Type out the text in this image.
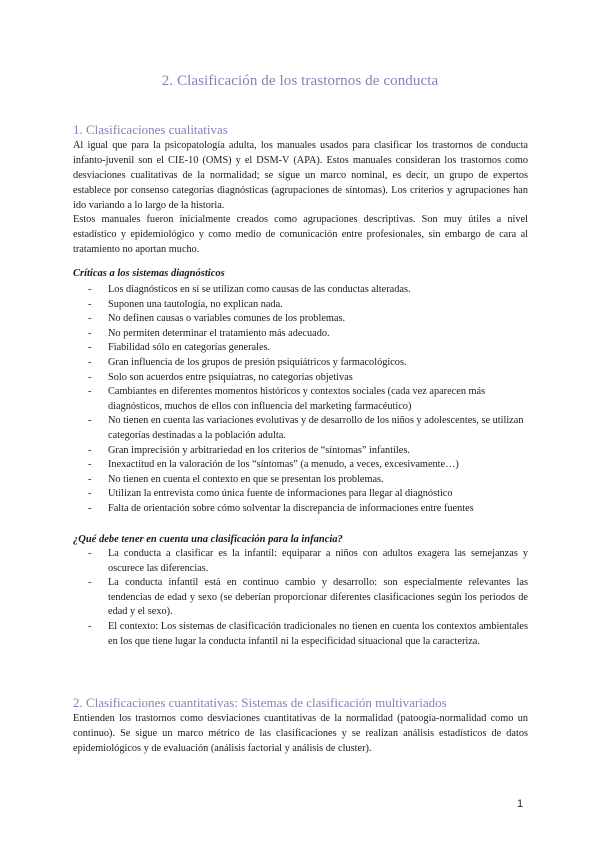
2. Clasificación de los trastornos de conducta
1. Clasificaciones cualitativas

Al igual que para la psicopatología adulta, los manuales usados para clasificar los trastornos de conducta infanto-juvenil son el CIE-10 (OMS) y el DSM-V (APA). Estos manuales consideran los trastornos como desviaciones cualitativas de la normalidad; se sigue un marco nominal, es decir, un grupo de expertos establece por consenso categorías diagnósticas (agrupaciones de síntomas). Los criterios y agrupaciones han ido variando a lo largo de la historia.

Estos manuales fueron inicialmente creados como agrupaciones descriptivas. Son muy útiles a nivel estadístico y epidemiológico y como medio de comunicación entre profesionales, sin embargo de cara al tratamiento no aportan mucho.

Críticas a los sistemas diagnósticos
- Los diagnósticos en sí se utilizan como causas de las conductas alteradas.
- Suponen una tautología, no explican nada.
- No definen causas o variables comunes de los problemas.
- No permiten determinar el tratamiento más adecuado.
- Fiabilidad sólo en categorías generales.
- Gran influencia de los grupos de presión psiquiátricos y farmacológicos.
- Solo son acuerdos entre psiquiatras, no categorías objetivas
- Cambiantes en diferentes momentos históricos y contextos sociales (cada vez aparecen más diagnósticos, muchos de ellos con influencia del marketing farmacéutico)
- No tienen en cuenta las variaciones evolutivas y de desarrollo de los niños y adolescentes, se utilizan categorías destinadas a la población adulta.
- Gran imprecisión y arbitrariedad en los criterios de “síntomas” infantiles.
- Inexactitud en la valoración de los “síntomas” (a menudo, a veces, excesivamente…)
- No tienen en cuenta el contexto en que se presentan los problemas.
- Utilizan la entrevista como única fuente de informaciones para llegar al diagnóstico
- Falta de orientación sobre cómo solventar la discrepancia de informaciones entre fuentes
¿Qué debe tener en cuenta una clasificación para la infancia?
- La conducta a clasificar es la infantil: equiparar a niños con adultos exagera las semejanzas y oscurece las diferencias.
- La conducta infantil está en continuo cambio y desarrollo: son especialmente relevantes las tendencias de edad y sexo (se deberían proporcionar diferentes clasificaciones según los periodos de edad y el sexo).
- El contexto: Los sistemas de clasificación tradicionales no tienen en cuenta los contextos ambientales en los que tiene lugar la conducta infantil ni la especificidad situacional que la caracteriza.
2. Clasificaciones cuantitativas: Sistemas de clasificación multivariados

Entienden los trastornos como desviaciones cuantitativas de la normalidad (patoogía-normalidad como un continuo). Se sigue un marco métrico de las clasificaciones y se realizan análisis estadísticos de datos epidemiológicos y de evaluación (análisis factorial y análisis de cluster).

1
